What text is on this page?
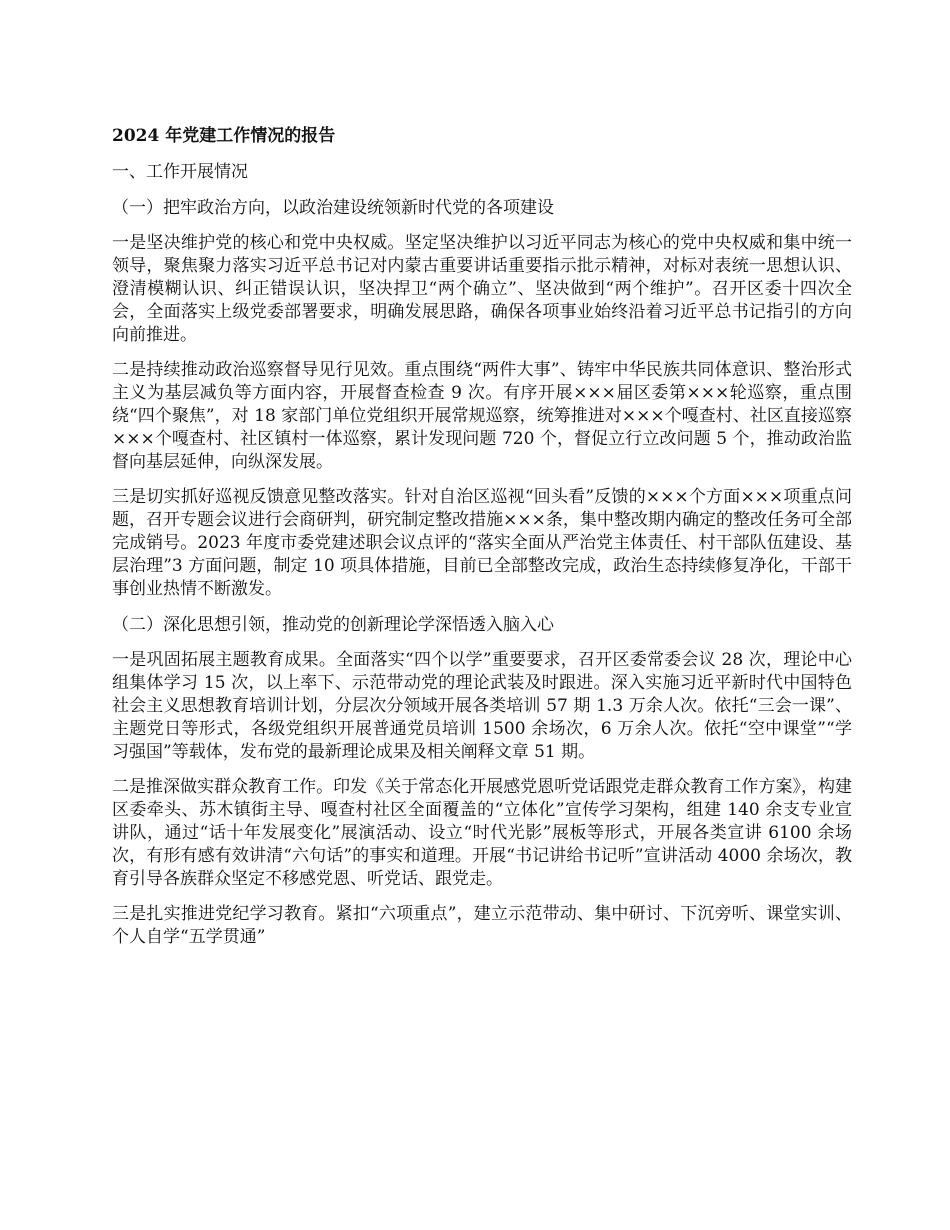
2024 年党建工作情况的报告
一、工作开展情况
（一）把牢政治方向，以政治建设统领新时代党的各项建设

一是坚决维护党的核心和党中央权威。坚定坚决维护以习近平同志为核心的党中央权威和集中统一领导，聚焦聚力落实习近平总书记对内蒙古重要讲话重要指示批示精神，对标对表统一思想认识、澄清模糊认识、纠正错误认识，坚决捍卫“两个确立”、坚决做到“两个维护”。召开区委十四次全会，全面落实上级党委部署要求，明确发展思路，确保各项事业始终沿着习近平总书记指引的方向向前推进。

二是持续推动政治巡察督导见行见效。重点围绕“两件大事”、铸牢中华民族共同体意识、整治形式主义为基层减负等方面内容，开展督查检查 9 次。有序开展×××届区委第×××轮巡察，重点围绕“四个聚焦”，对 18 家部门单位党组织开展常规巡察，统筹推进对×××个嘎查村、社区直接巡察×××个嘎查村、社区镇村一体巡察，累计发现问题 720 个，督促立行立改问题 5 个，推动政治监督向基层延伸，向纵深发展。

三是切实抓好巡视反馈意见整改落实。针对自治区巡视“回头看”反馈的×××个方面×××项重点问题，召开专题会议进行会商研判，研究制定整改措施×××条，集中整改期内确定的整改任务可全部完成销号。2023 年度市委党建述职会议点评的“落实全面从严治党主体责任、村干部队伍建设、基层治理”3 方面问题，制定 10 项具体措施，目前已全部整改完成，政治生态持续修复净化，干部干事创业热情不断激发。

（二）深化思想引领，推动党的创新理论学深悟透入脑入心

一是巩固拓展主题教育成果。全面落实“四个以学”重要要求，召开区委常委会议 28 次，理论中心组集体学习 15 次，以上率下、示范带动党的理论武装及时跟进。深入实施习近平新时代中国特色社会主义思想教育培训计划，分层次分领域开展各类培训 57 期 1.3 万余人次。依托“三会一课”、主题党日等形式，各级党组织开展普通党员培训 1500 余场次，6 万余人次。依托“空中课堂”“学习强国”等载体，发布党的最新理论成果及相关阐释文章 51 期。

二是推深做实群众教育工作。印发《关于常态化开展感党恩听党话跟党走群众教育工作方案》，构建区委牵头、苏木镇街主导、嘎查村社区全面覆盖的“立体化”宣传学习架构，组建 140 余支专业宣讲队，通过“话十年发展变化”展演活动、设立“时代光影”展板等形式，开展各类宣讲 6100 余场次，有形有感有效讲清“六句话”的事实和道理。开展“书记讲给书记听”宣讲活动 4000 余场次，教育引导各族群众坚定不移感党恩、听党话、跟党走。

三是扎实推进党纪学习教育。紧扣“六项重点”，建立示范带动、集中研讨、下沉旁听、课堂实训、个人自学“五学贯通”
